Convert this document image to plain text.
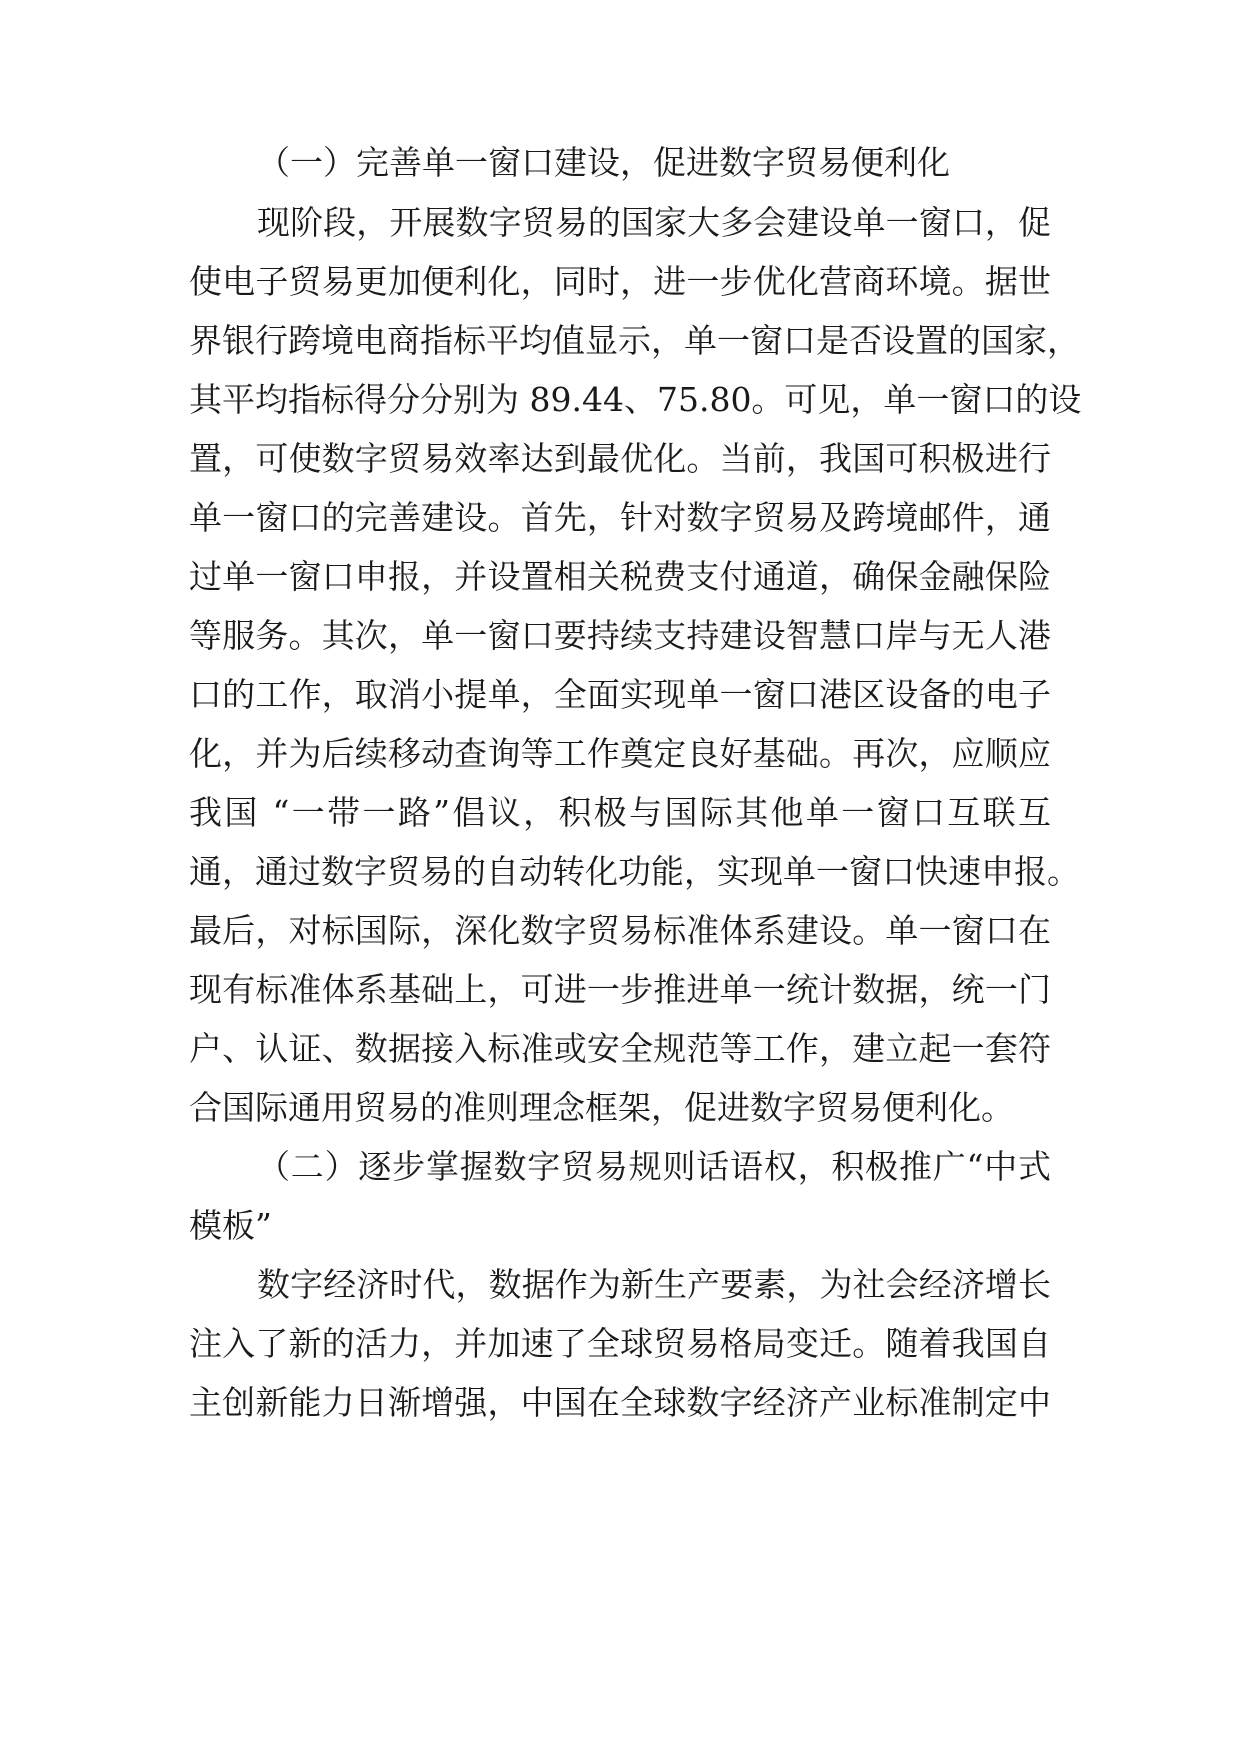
（一）完善单一窗口建设，促进数字贸易便利化
现阶段，开展数字贸易的国家大多会建设单一窗口，促
使电子贸易更加便利化，同时，进一步优化营商环境。据世
界银行跨境电商指标平均值显示，单一窗口是否设置的国家，
其平均指标得分分别为 89.44、75.80。可见，单一窗口的设
置，可使数字贸易效率达到最优化。当前，我国可积极进行
单一窗口的完善建设。首先，针对数字贸易及跨境邮件，通
过单一窗口申报，并设置相关税费支付通道，确保金融保险
等服务。其次，单一窗口要持续支持建设智慧口岸与无人港
口的工作，取消小提单，全面实现单一窗口港区设备的电子
化，并为后续移动查询等工作奠定良好基础。再次，应顺应
我国 “一带一路”倡议，积极与国际其他单一窗口互联互
通，通过数字贸易的自动转化功能，实现单一窗口快速申报。
最后，对标国际，深化数字贸易标准体系建设。单一窗口在
现有标准体系基础上，可进一步推进单一统计数据，统一门
户、认证、数据接入标准或安全规范等工作，建立起一套符
合国际通用贸易的准则理念框架，促进数字贸易便利化。
（二）逐步掌握数字贸易规则话语权，积极推广“中式
模板”
数字经济时代，数据作为新生产要素，为社会经济增长
注入了新的活力，并加速了全球贸易格局变迁。随着我国自
主创新能力日渐增强，中国在全球数字经济产业标准制定中
